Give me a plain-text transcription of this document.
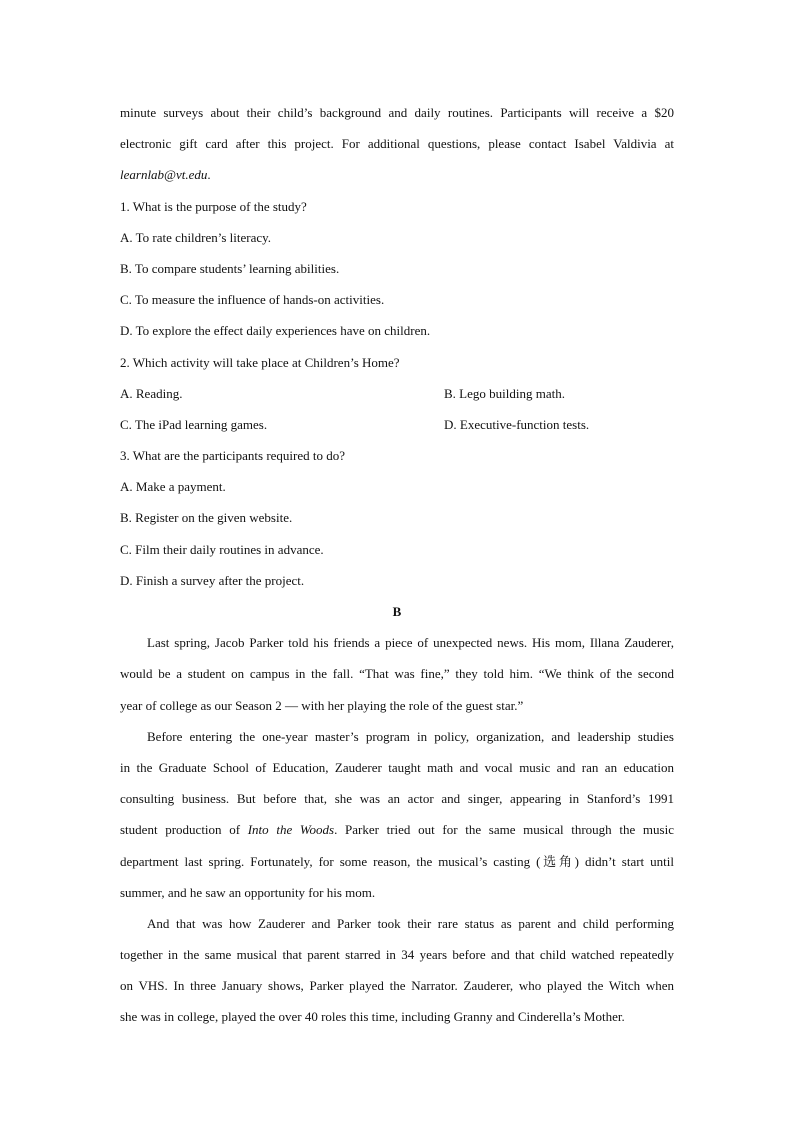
minute surveys about their child’s background and daily routines. Participants will receive a $20
electronic gift card after this project. For additional questions, please contact Isabel Valdivia at
learnlab@vt.edu.
1. What is the purpose of the study?
A. To rate children’s literacy.
B. To compare students’ learning abilities.
C. To measure the influence of hands-on activities.
D. To explore the effect daily experiences have on children.
2. Which activity will take place at Children’s Home?
A. Reading.	B. Lego building math.
C. The iPad learning games.	D. Executive-function tests.
3. What are the participants required to do?
A. Make a payment.
B. Register on the given website.
C. Film their daily routines in advance.
D. Finish a survey after the project.
B
Last spring, Jacob Parker told his friends a piece of unexpected news. His mom, Illana Zauderer,
would be a student on campus in the fall. “That was fine,” they told him. “We think of the second
year of college as our Season 2 — with her playing the role of the guest star.”
Before entering the one-year master’s program in policy, organization, and leadership studies
in the Graduate School of Education, Zauderer taught math and vocal music and ran an education
consulting business. But before that, she was an actor and singer, appearing in Stanford’s 1991
student production of Into the Woods. Parker tried out for the same musical through the music
department last spring. Fortunately, for some reason, the musical’s casting (选角) didn’t start until
summer, and he saw an opportunity for his mom.
And that was how Zauderer and Parker took their rare status as parent and child performing
together in the same musical that parent starred in 34 years before and that child watched repeatedly
on VHS. In three January shows, Parker played the Narrator. Zauderer, who played the Witch when
she was in college, played the over 40 roles this time, including Granny and Cinderella’s Mother.
